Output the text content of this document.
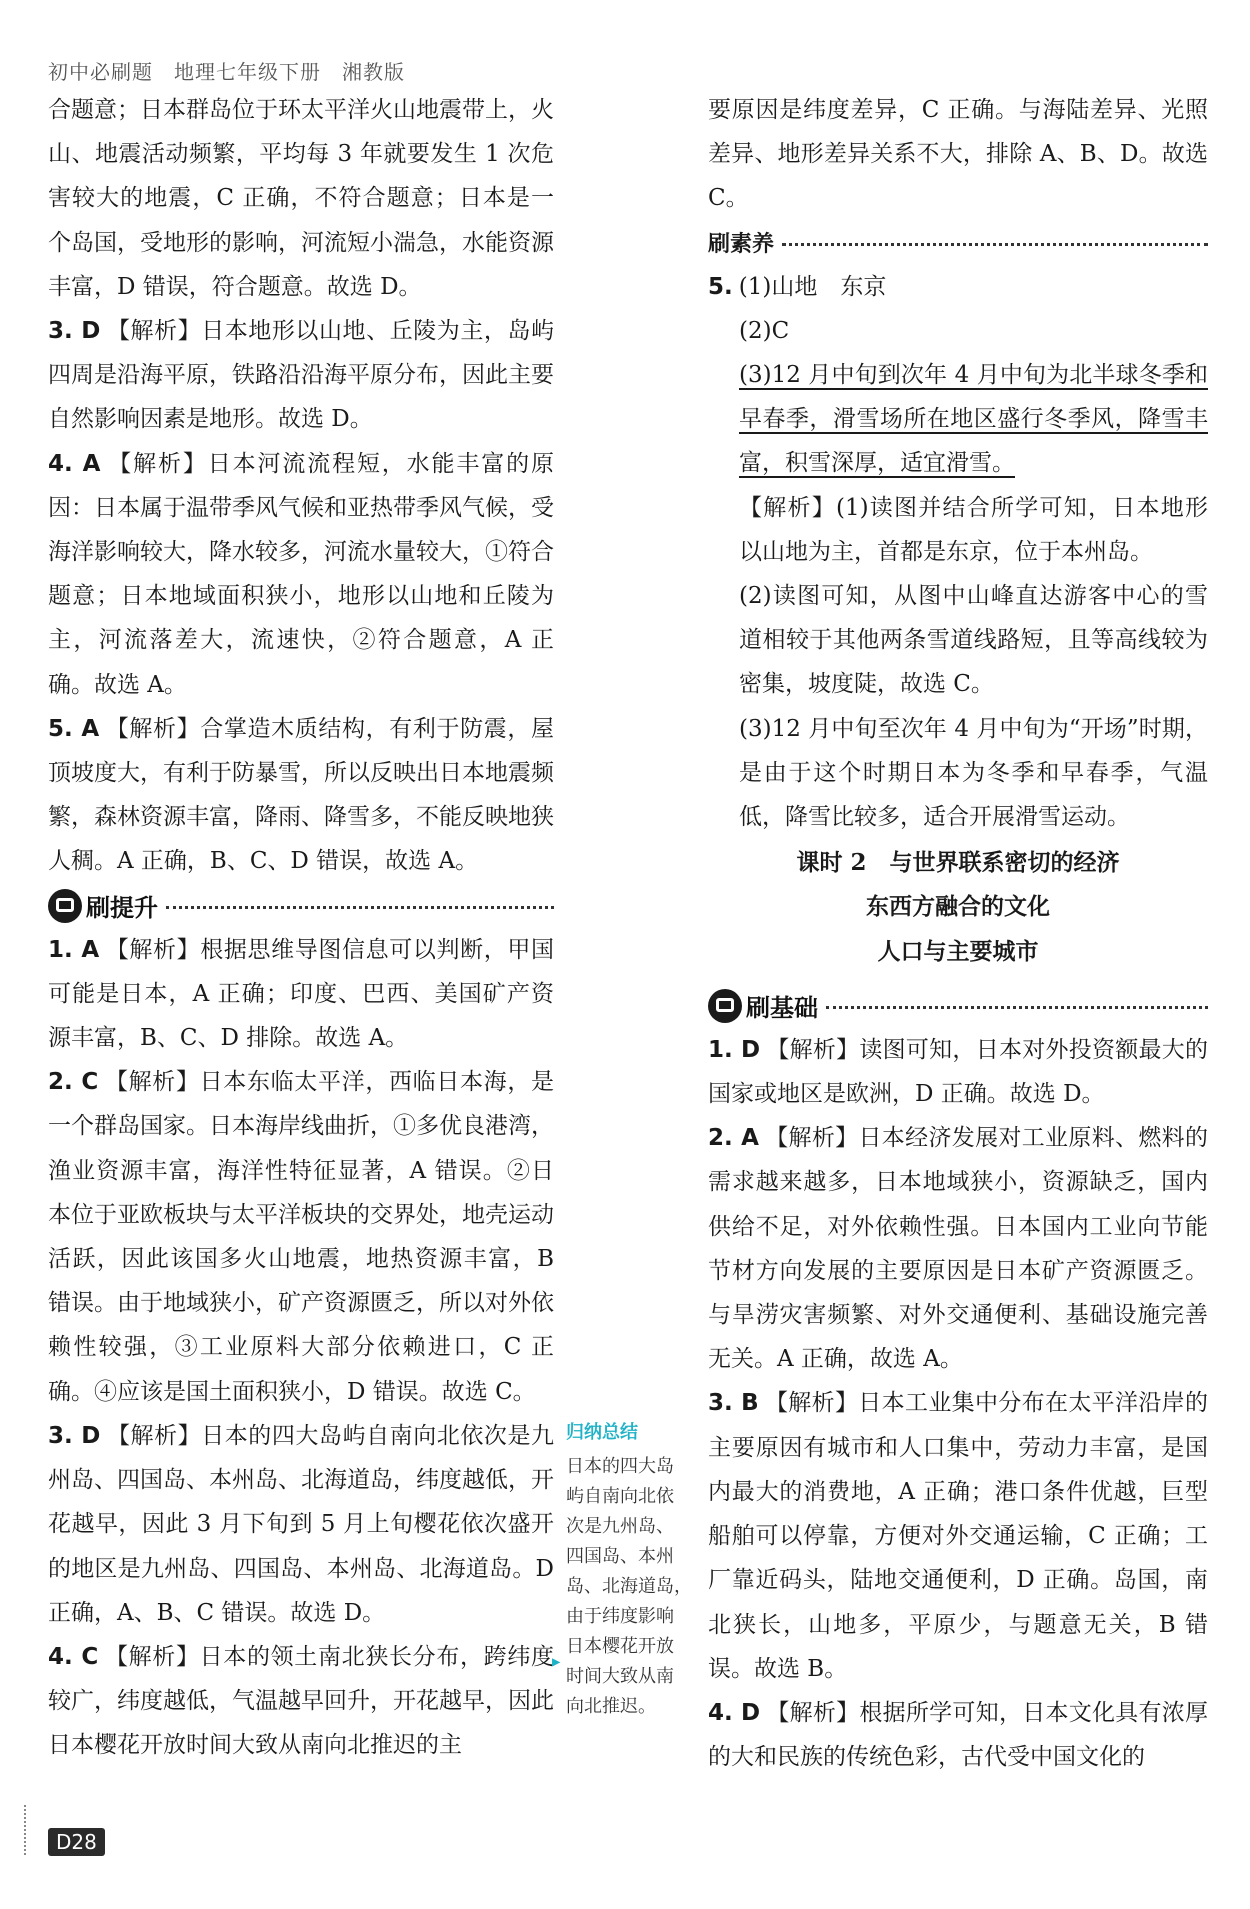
初中必刷题　地理七年级下册　湘教版

合题意；日本群岛位于环太平洋火山地震带上，火山、地震活动频繁，平均每 3 年就要发生 1 次危害较大的地震，C 正确，不符合题意；日本是一个岛国，受地形的影响，河流短小湍急，水能资源丰富，D 错误，符合题意。故选 D。

3. D 【解析】日本地形以山地、丘陵为主，岛屿四周是沿海平原，铁路沿沿海平原分布，因此主要自然影响因素是地形。故选 D。

4. A 【解析】日本河流流程短，水能丰富的原因：日本属于温带季风气候和亚热带季风气候，受海洋影响较大，降水较多，河流水量较大，①符合题意；日本地域面积狭小，地形以山地和丘陵为主，河流落差大，流速快，②符合题意，A 正确。故选 A。

5. A 【解析】合掌造木质结构，有利于防震，屋顶坡度大，有利于防暴雪，所以反映出日本地震频繁，森林资源丰富，降雨、降雪多，不能反映地狭人稠。A 正确，B、C、D 错误，故选 A。

刷提升

1. A 【解析】根据思维导图信息可以判断，甲国可能是日本，A 正确；印度、巴西、美国矿产资源丰富，B、C、D 排除。故选 A。

2. C 【解析】日本东临太平洋，西临日本海，是一个群岛国家。日本海岸线曲折，①多优良港湾，渔业资源丰富，海洋性特征显著，A 错误。②日本位于亚欧板块与太平洋板块的交界处，地壳运动活跃，因此该国多火山地震，地热资源丰富，B 错误。由于地域狭小，矿产资源匮乏，所以对外依赖性较强，③工业原料大部分依赖进口，C 正确。④应该是国土面积狭小，D 错误。故选 C。

3. D 【解析】日本的四大岛屿自南向北依次是九州岛、四国岛、本州岛、北海道岛，纬度越低，开花越早，因此 3 月下旬到 5 月上旬樱花依次盛开的地区是九州岛、四国岛、本州岛、北海道岛。D 正确，A、B、C 错误。故选 D。

4. C 【解析】日本的领土南北狭长分布，跨纬度较广，纬度越低，气温越早回升，开花越早，因此日本樱花开放时间大致从南向北推迟的主

归纳总结
日本的四大岛
屿自南向北依
次是九州岛、
四国岛、本州
岛、北海道岛，
由于纬度影响
日本樱花开放
时间大致从南
向北推迟。
▶

要原因是纬度差异，C 正确。与海陆差异、光照差异、地形差异关系不大，排除 A、B、D。故选 C。

刷素养

5. (1)山地　东京

(2)C

(3)12 月中旬到次年 4 月中旬为北半球冬季和早春季，滑雪场所在地区盛行冬季风，降雪丰富，积雪深厚，适宜滑雪。

【解析】(1)读图并结合所学可知，日本地形以山地为主，首都是东京，位于本州岛。

(2)读图可知，从图中山峰直达游客中心的雪道相较于其他两条雪道线路短，且等高线较为密集，坡度陡，故选 C。

(3)12 月中旬至次年 4 月中旬为“开场”时期，是由于这个时期日本为冬季和早春季，气温低，降雪比较多，适合开展滑雪运动。

课时 2　与世界联系密切的经济

东西方融合的文化

人口与主要城市

刷基础

1. D 【解析】读图可知，日本对外投资额最大的国家或地区是欧洲，D 正确。故选 D。

2. A 【解析】日本经济发展对工业原料、燃料的需求越来越多，日本地域狭小，资源缺乏，国内供给不足，对外依赖性强。日本国内工业向节能节材方向发展的主要原因是日本矿产资源匮乏。与旱涝灾害频繁、对外交通便利、基础设施完善无关。A 正确，故选 A。

3. B 【解析】日本工业集中分布在太平洋沿岸的主要原因有城市和人口集中，劳动力丰富，是国内最大的消费地，A 正确；港口条件优越，巨型船舶可以停靠，方便对外交通运输，C 正确；工厂靠近码头，陆地交通便利，D 正确。岛国，南北狭长，山地多，平原少，与题意无关，B 错误。故选 B。

4. D 【解析】根据所学可知，日本文化具有浓厚的大和民族的传统色彩，古代受中国文化的

D28
